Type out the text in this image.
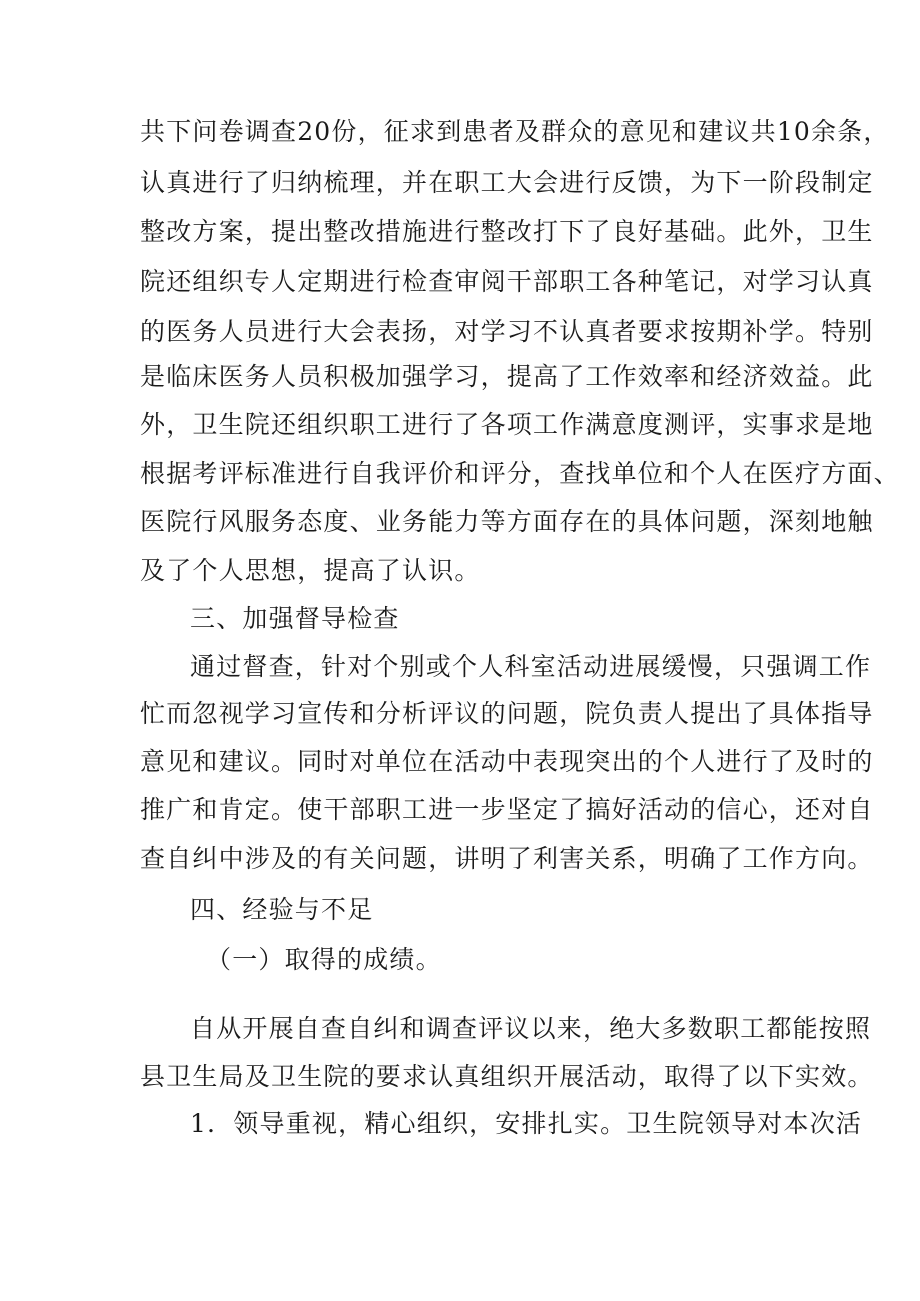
共下问卷调查20份，征求到患者及群众的意见和建议共10余条，
认真进行了归纳梳理，并在职工大会进行反馈，为下一阶段制定
整改方案，提出整改措施进行整改打下了良好基础。此外，卫生
院还组织专人定期进行检查审阅干部职工各种笔记，对学习认真
的医务人员进行大会表扬，对学习不认真者要求按期补学。特别
是临床医务人员积极加强学习，提高了工作效率和经济效益。此
外，卫生院还组织职工进行了各项工作满意度测评，实事求是地
根据考评标准进行自我评价和评分，查找单位和个人在医疗方面、
医院行风服务态度、业务能力等方面存在的具体问题，深刻地触
及了个人思想，提高了认识。
三、加强督导检查
通过督查，针对个别或个人科室活动进展缓慢，只强调工作
忙而忽视学习宣传和分析评议的问题，院负责人提出了具体指导
意见和建议。同时对单位在活动中表现突出的个人进行了及时的
推广和肯定。使干部职工进一步坚定了搞好活动的信心，还对自
查自纠中涉及的有关问题，讲明了利害关系，明确了工作方向。
四、经验与不足
（一）取得的成绩。
自从开展自查自纠和调查评议以来，绝大多数职工都能按照
县卫生局及卫生院的要求认真组织开展活动，取得了以下实效。
1．领导重视，精心组织，安排扎实。卫生院领导对本次活
